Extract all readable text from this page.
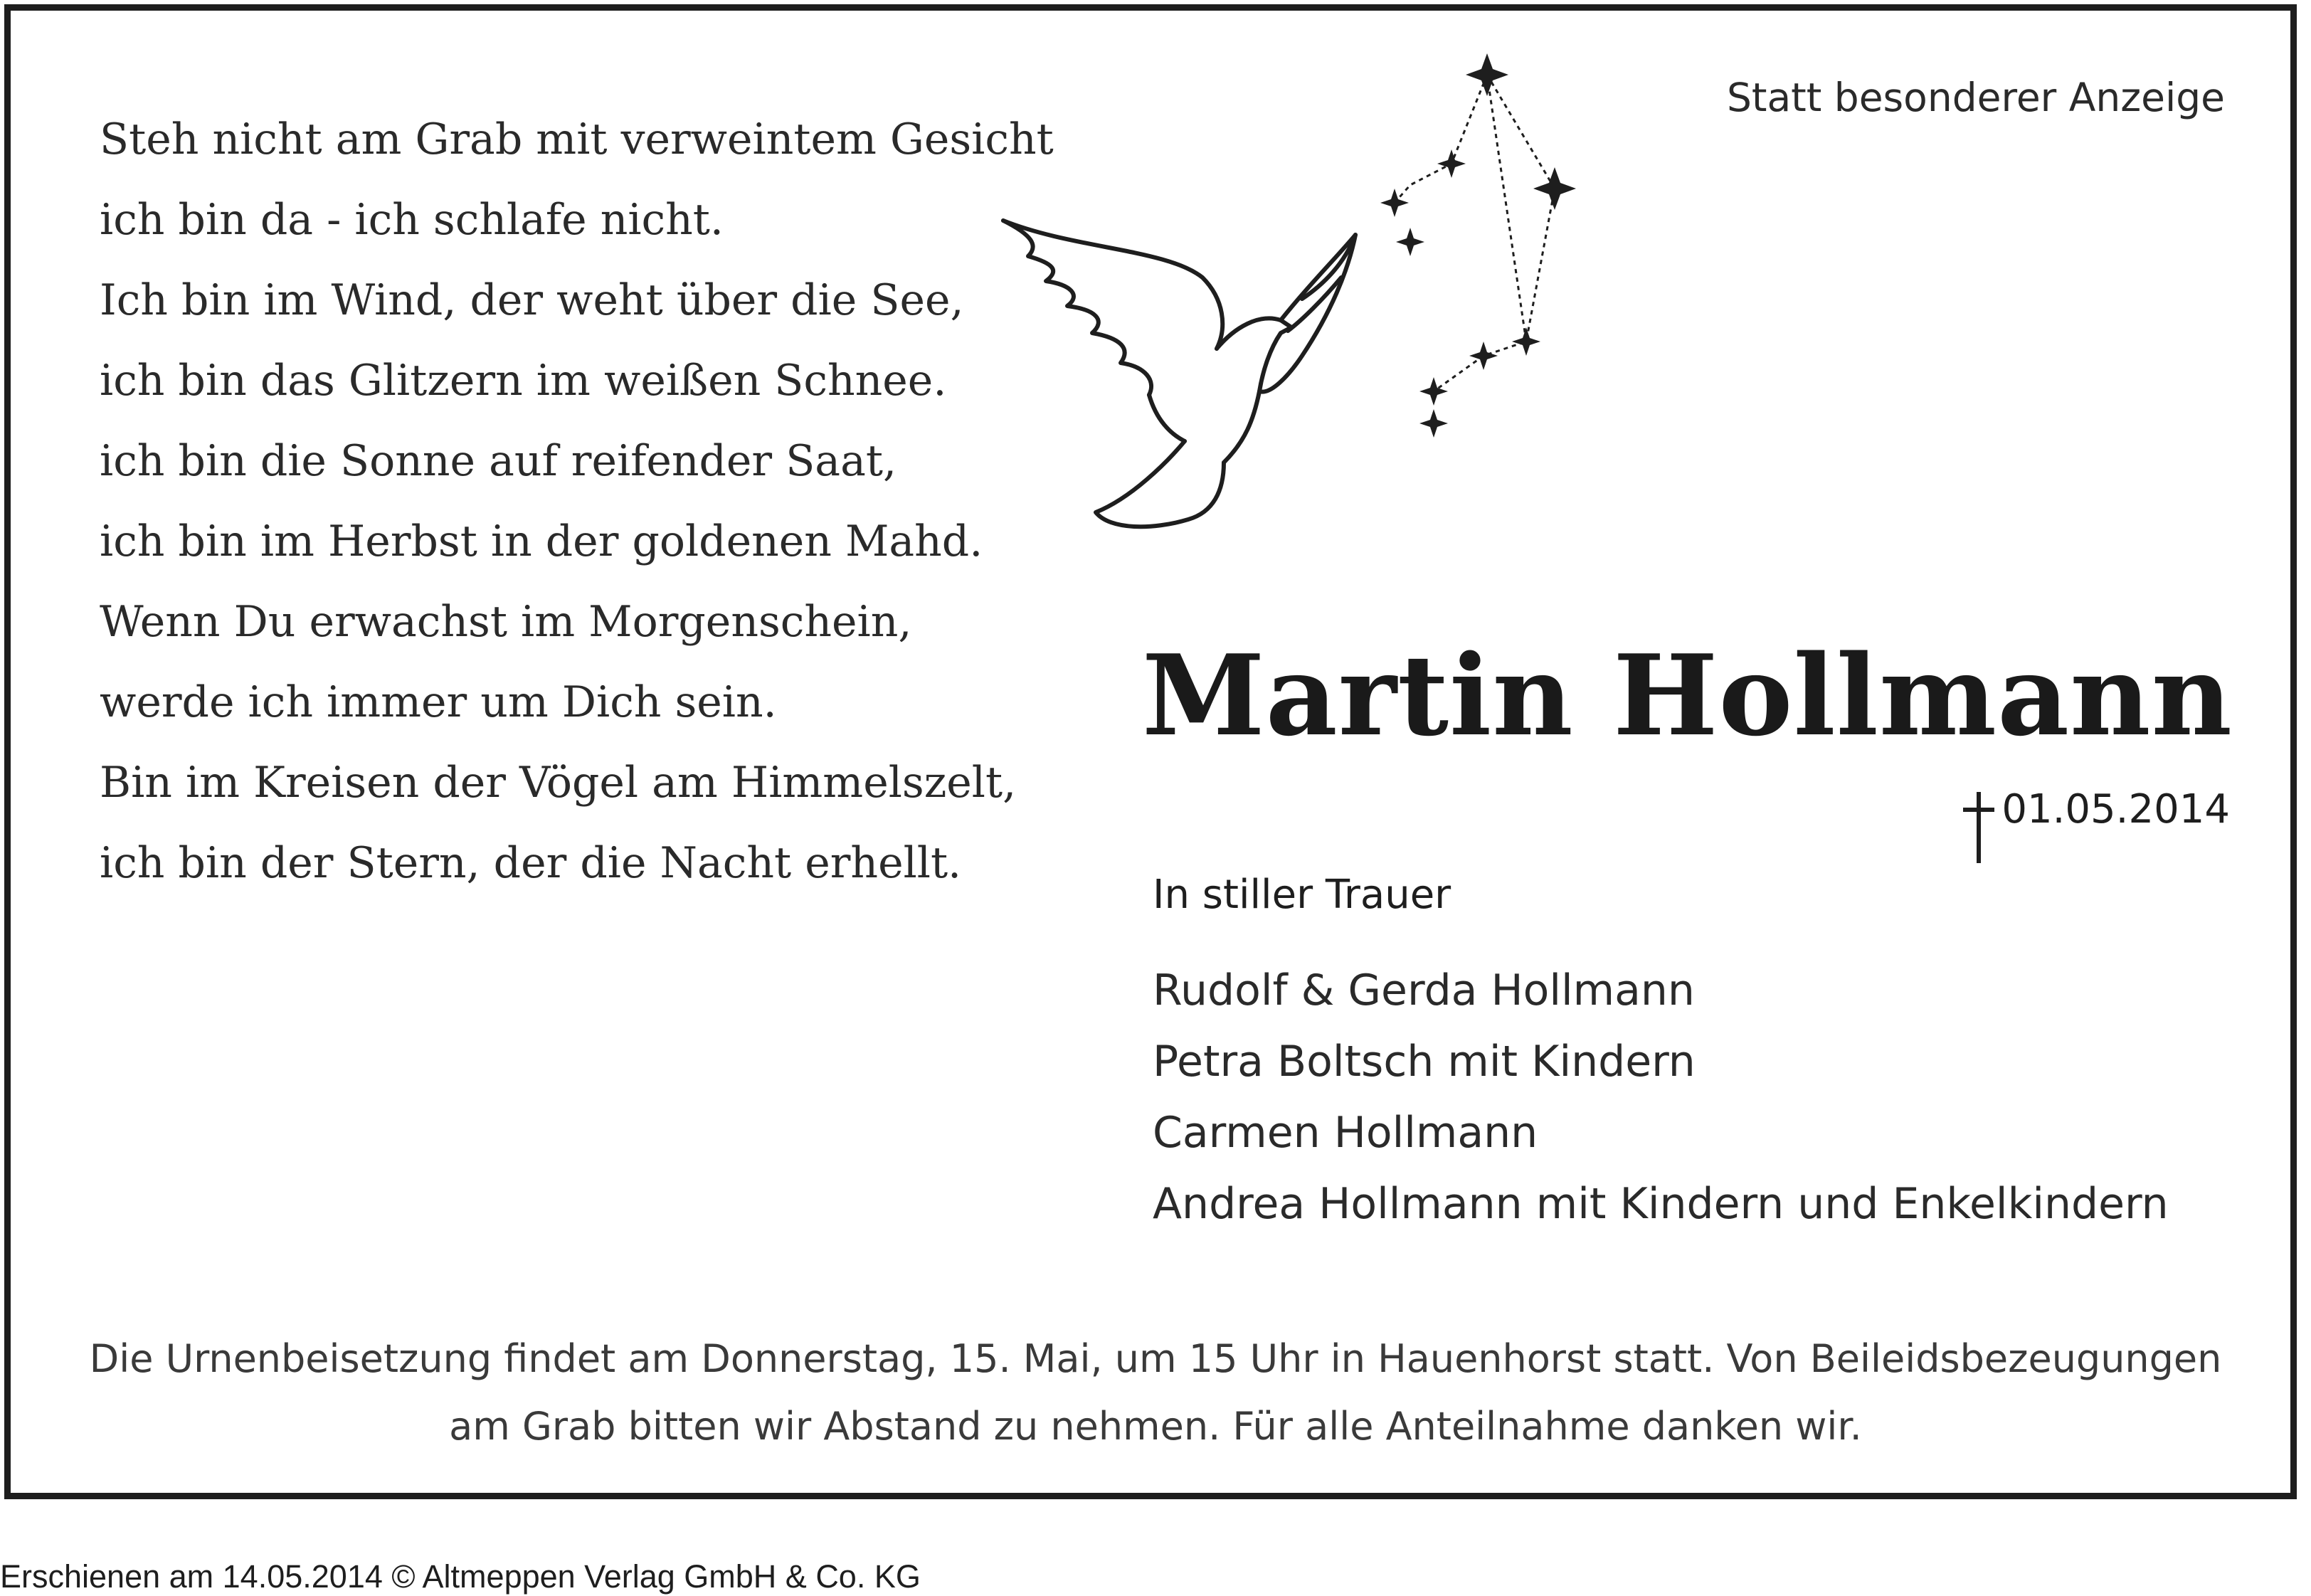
Steh nicht am Grab mit verweintem Gesicht
ich bin da - ich schlafe nicht.
Ich bin im Wind, der weht über die See,
ich bin das Glitzern im weißen Schnee.
ich bin die Sonne auf reifender Saat,
ich bin im Herbst in der goldenen Mahd.
Wenn Du erwachst im Morgenschein,
werde ich immer um Dich sein.
Bin im Kreisen der Vögel am Himmelszelt,
ich bin der Stern, der die Nacht erhellt.
Statt besonderer Anzeige
Martin Hollmann
01.05.2014
In stiller Trauer
Rudolf & Gerda Hollmann
Petra Boltsch mit Kindern
Carmen Hollmann
Andrea Hollmann mit Kindern und Enkelkindern
Die Urnenbeisetzung findet am Donnerstag, 15. Mai, um 15 Uhr in Hauenhorst statt. Von Beileidsbezeugungen
am Grab bitten wir Abstand zu nehmen. Für alle Anteilnahme danken wir.
Erschienen am 14.05.2014 © Altmeppen Verlag GmbH & Co. KG
